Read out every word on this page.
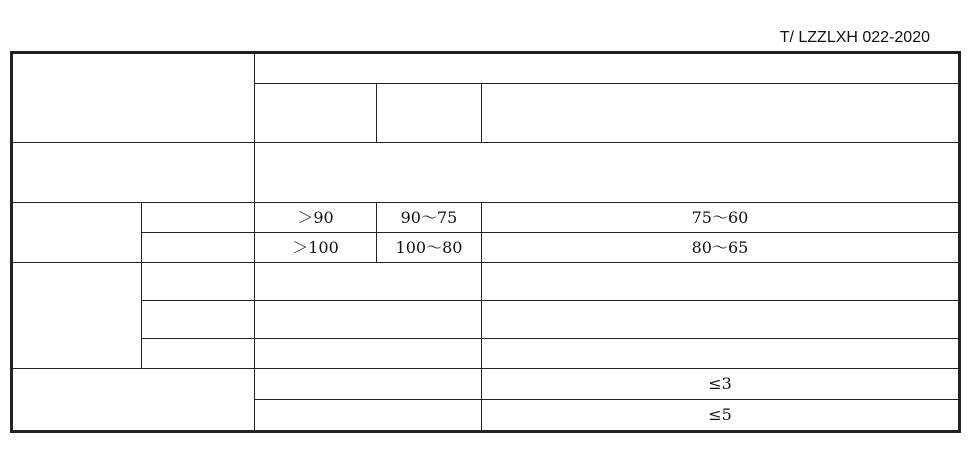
T/ LZZLXH 022-2020

		＞90	90～75	75～60
		＞100	100～80	80～65

				≤3
				≤5
